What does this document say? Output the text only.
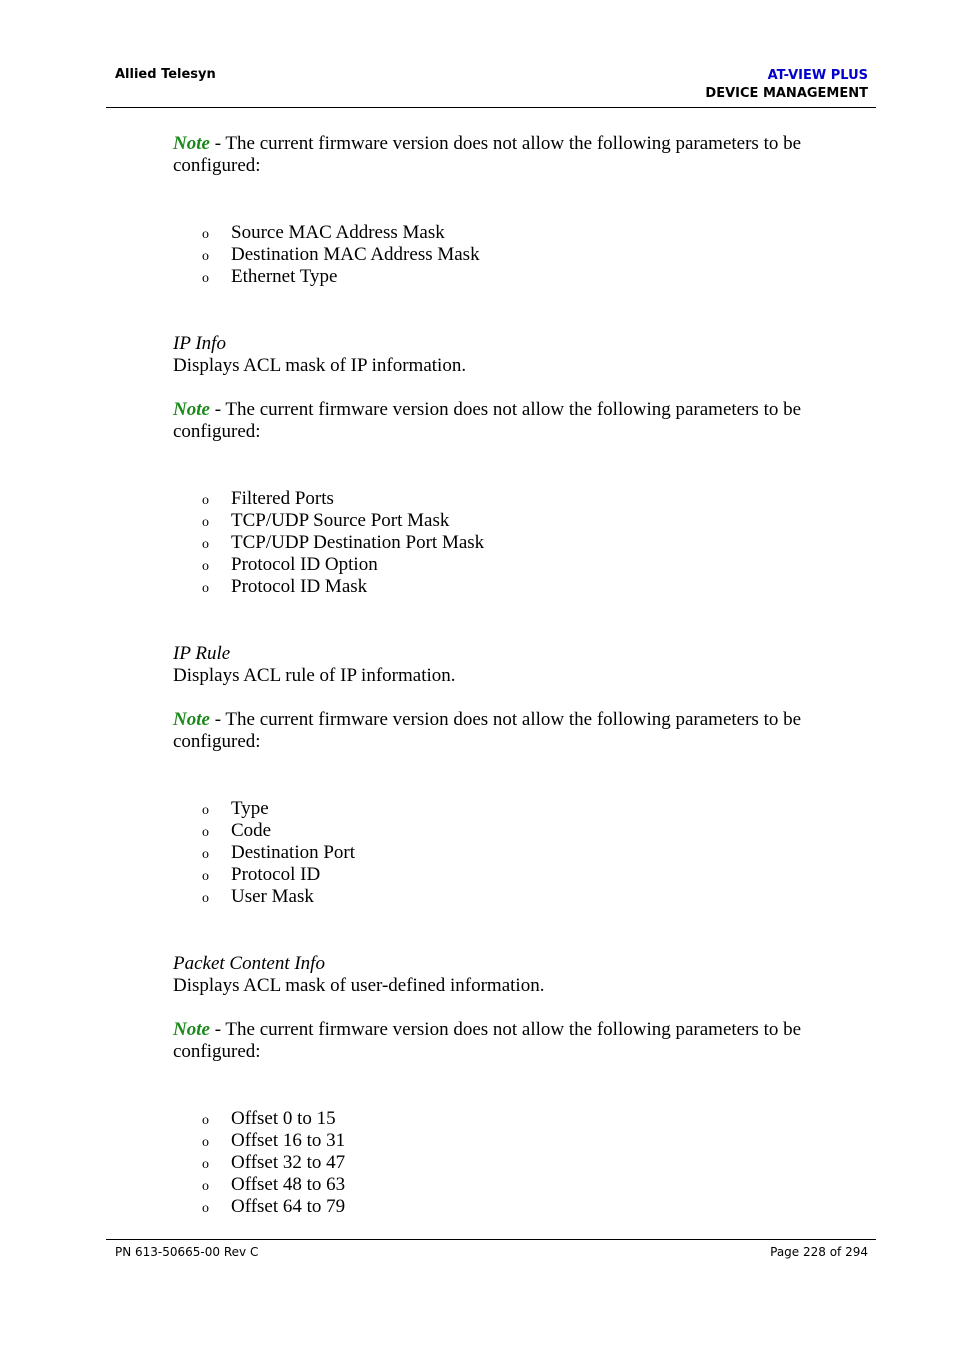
Allied Telesyn	AT-VIEW PLUS
DEVICE MANAGEMENT

Note - The current firmware version does not allow the following parameters to be configured:

o Source MAC Address Mask
o Destination MAC Address Mask
o Ethernet Type

IP Info

Displays ACL mask of IP information.

Note - The current firmware version does not allow the following parameters to be configured:

o Filtered Ports
o TCP/UDP Source Port Mask
o TCP/UDP Destination Port Mask
o Protocol ID Option
o Protocol ID Mask

IP Rule

Displays ACL rule of IP information.

Note - The current firmware version does not allow the following parameters to be configured:

o Type
o Code
o Destination Port
o Protocol ID
o User Mask

Packet Content Info

Displays ACL mask of user-defined information.

Note - The current firmware version does not allow the following parameters to be configured:

o Offset 0 to 15
o Offset 16 to 31
o Offset 32 to 47
o Offset 48 to 63
o Offset 64 to 79
PN 613-50665-00 Rev C	Page 228 of 294
